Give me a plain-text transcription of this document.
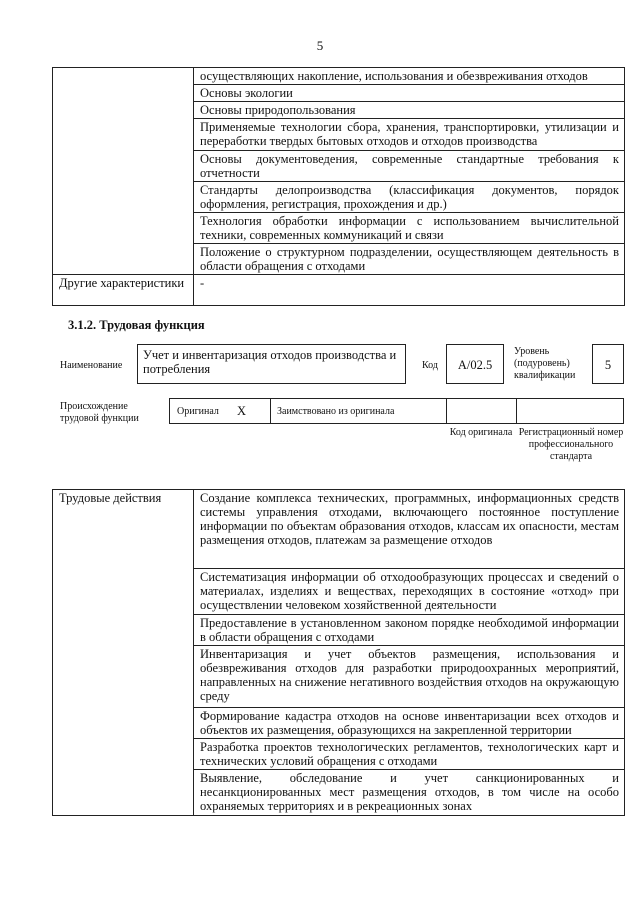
5
	осуществляющих накопление, использования и обезвреживания отходов
	Основы экологии
	Основы природопользования
	Применяемые технологии сбора, хранения, транспортировки, утилизации и переработки твердых бытовых отходов и отходов производства
	Основы документоведения, современные стандартные требования к отчетности
	Стандарты делопроизводства (классификация документов, порядок оформления, регистрация, прохождения и др.)
	Технология обработки информации с использованием вычислительной техники, современных коммуникаций и связи
	Положение о структурном подразделении, осуществляющем деятельность в области обращения с отходами
Другие характеристики	-
3.1.2. Трудовая функция
Наименование
Учет и инвентаризация отходов производства и потребления	Код	А/02.5
Уровень (подуровень) квалификации
5
Происхождение трудовой функции
Оригинал X	Заимствовано из оригинала
Код оригинала Регистрационный номер профессионального стандарта
Трудовые действия	Создание комплекса технических, программных, информационных средств системы управления отходами, включающего постоянное поступление информации по объектам образования отходов, классам их опасности, местам размещения отходов, платежам за размещение отходов
Систематизация информации об отходообразующих процессах и сведений о материалах, изделиях и веществах, переходящих в состояние «отход» при осуществлении человеком хозяйственной деятельности
Предоставление в установленном законом порядке необходимой информации в области обращения с отходами
Инвентаризация и учет объектов размещения, использования и обезвреживания отходов для разработки природоохранных мероприятий, направленных на снижение негативного воздействия отходов на окружающую среду
Формирование кадастра отходов на основе инвентаризации всех отходов и объектов их размещения, образующихся на закрепленной территории
Разработка проектов технологических регламентов, технологических карт и технических условий обращения с отходами
Выявление, обследование и учет санкционированных и несанкционированных мест размещения отходов, в том числе на особо охраняемых территориях и в рекреационных зонах
